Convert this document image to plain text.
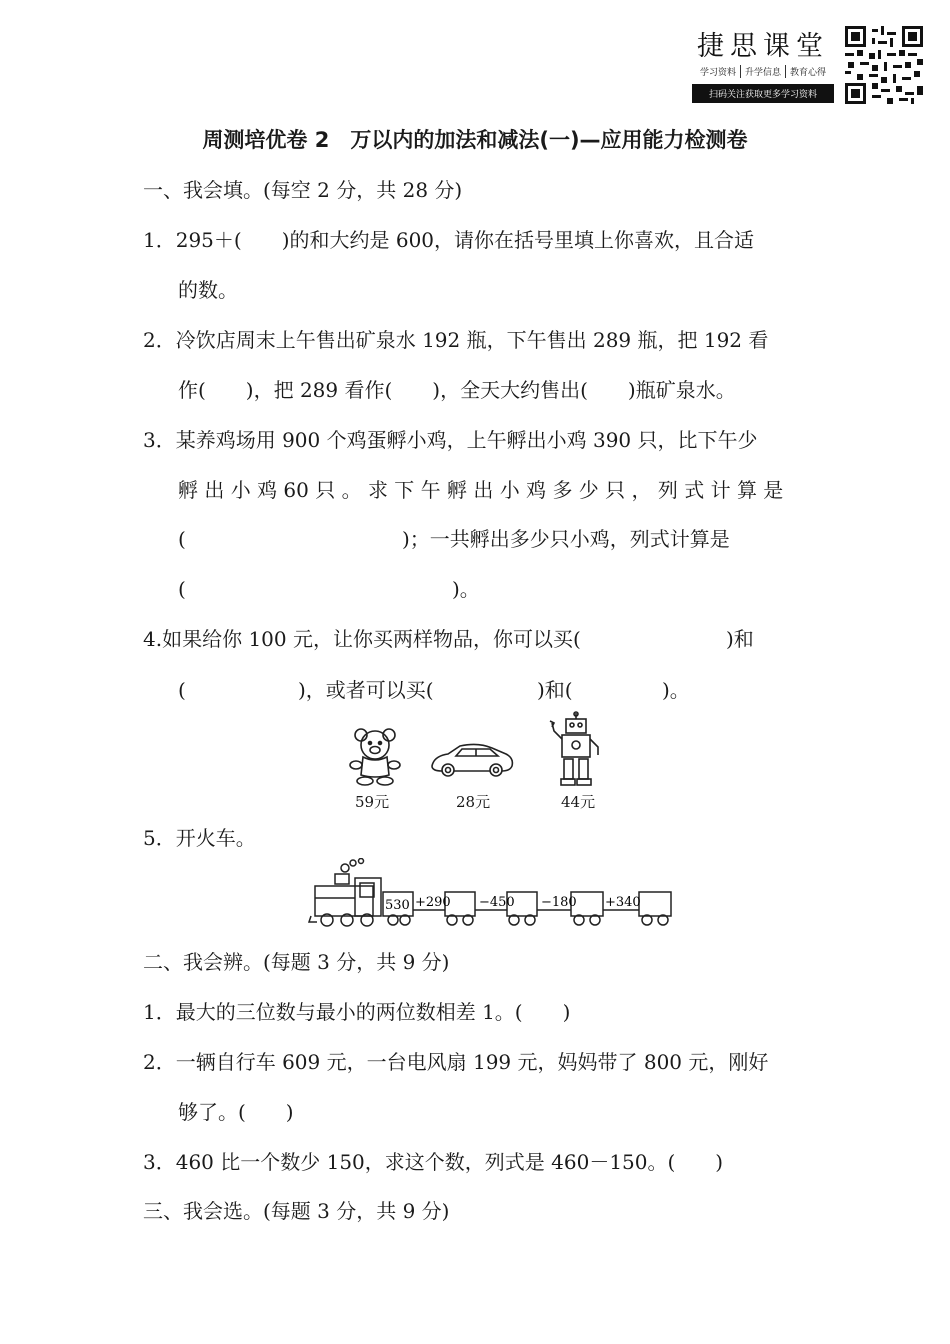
捷思课堂
学习资料	升学信息	教育心得
扫码关注获取更多学习资料
周测培优卷 2　万以内的加法和减法(一)—应用能力检测卷
一、我会填。(每空 2 分，共 28 分)
1．295＋(　　)的和大约是 600，请你在括号里填上你喜欢，且合适
的数。
2．冷饮店周末上午售出矿泉水 192 瓶，下午售出 289 瓶，把 192 看
作(　　)，把 289 看作(　　)，全天大约售出(　　)瓶矿泉水。
3．某养鸡场用 900 个鸡蛋孵小鸡，上午孵出小鸡 390 只，比下午少
孵 出 小 鸡 60 只 。 求 下 午 孵 出 小 鸡 多 少 只 ， 列 式 计 算 是
(	)；一共孵出多少只小鸡，列式计算是
(	)。
4.如果给你 100 元，让你买两样物品，你可以买(	)和
(	)，或者可以买(	)和(	)。
59元	28元	44元
5．开火车。
530 +290 −450 −180 +340
二、我会辨。(每题 3 分，共 9 分)
1．最大的三位数与最小的两位数相差 1。(　　)
2．一辆自行车 609 元，一台电风扇 199 元，妈妈带了 800 元，刚好
够了。(　　)
3．460 比一个数少 150，求这个数，列式是 460－150。(　　)
三、我会选。(每题 3 分，共 9 分)
